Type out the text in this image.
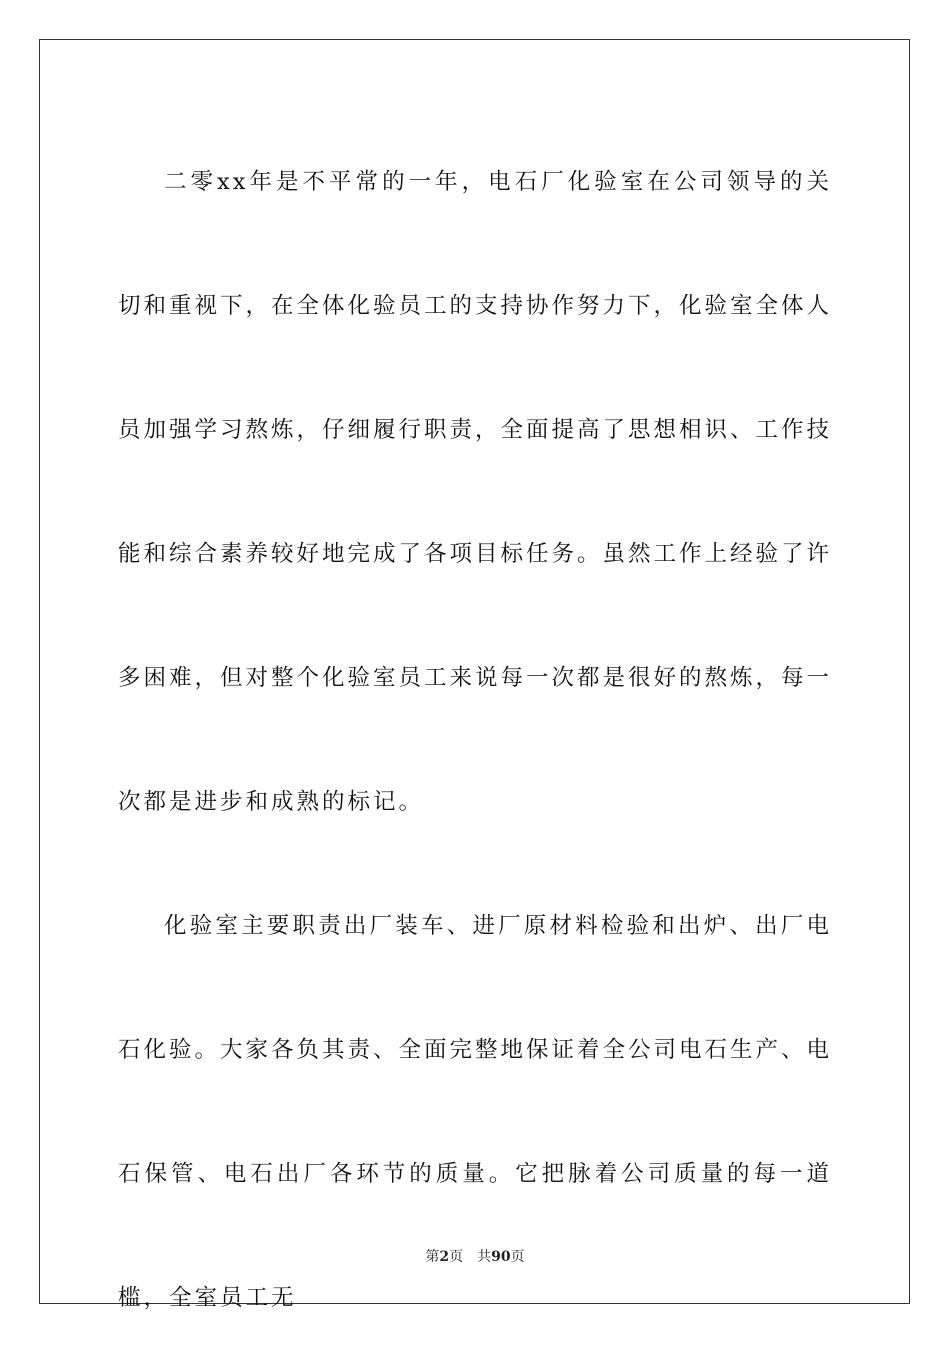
二零xx年是不平常的一年，电石厂化验室在公司领导的关切和重视下，在全体化验员工的支持协作努力下，化验室全体人员加强学习熬炼，仔细履行职责，全面提高了思想相识、工作技能和综合素养较好地完成了各项目标任务。虽然工作上经验了许多困难，但对整个化验室员工来说每一次都是很好的熬炼，每一次都是进步和成熟的标记。

化验室主要职责出厂装车、进厂原材料检验和出炉、出厂电石化验。大家各负其责、全面完整地保证着全公司电石生产、电石保管、电石出厂各环节的质量。它把脉着公司质量的每一道槛，全室员工无

第2页 共90页
